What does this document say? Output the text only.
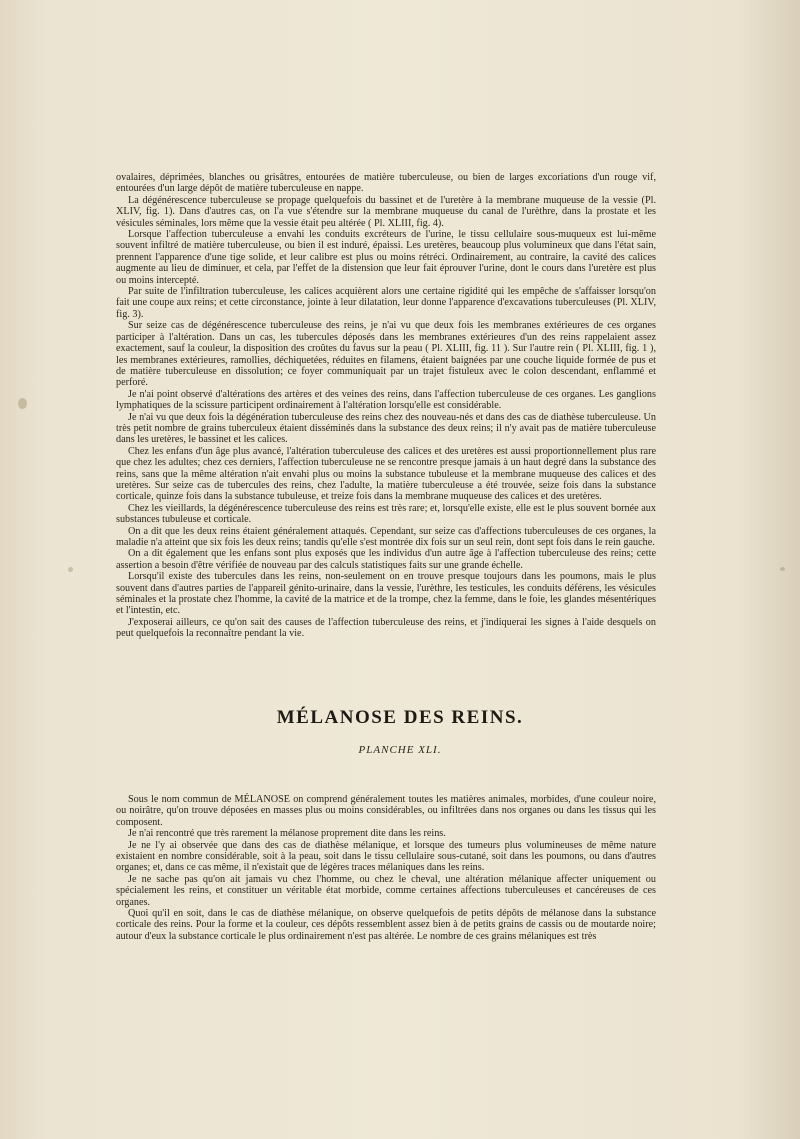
ovalaires, déprimées, blanches ou grisâtres, entourées de matière tuberculeuse, ou bien de larges excoriations d'un rouge vif, entourées d'un large dépôt de matière tuberculeuse en nappe.

La dégénérescence tuberculeuse se propage quelquefois du bassinet et de l'uretère à la membrane muqueuse de la vessie (Pl. XLIV, fig. 1). Dans d'autres cas, on l'a vue s'étendre sur la membrane muqueuse du canal de l'urèthre, dans la prostate et les vésicules séminales, lors même que la vessie était peu altérée ( Pl. XLIII, fig. 4).

Lorsque l'affection tuberculeuse a envahi les conduits excréteurs de l'urine, le tissu cellulaire sous-muqueux est lui-même souvent infiltré de matière tuberculeuse, ou bien il est induré, épaissi. Les uretères, beaucoup plus volumineux que dans l'état sain, prennent l'apparence d'une tige solide, et leur calibre est plus ou moins rétréci. Ordinairement, au contraire, la cavité des calices augmente au lieu de diminuer, et cela, par l'effet de la distension que leur fait éprouver l'urine, dont le cours dans l'uretère est plus ou moins intercepté.

Par suite de l'infiltration tuberculeuse, les calices acquièrent alors une certaine rigidité qui les empêche de s'affaisser lorsqu'on fait une coupe aux reins; et cette circonstance, jointe à leur dilatation, leur donne l'apparence d'excavations tuberculeuses (Pl. XLIV, fig. 3).

Sur seize cas de dégénérescence tuberculeuse des reins, je n'ai vu que deux fois les membranes extérieures de ces organes participer à l'altération. Dans un cas, les tubercules déposés dans les membranes extérieures d'un des reins rappelaient assez exactement, sauf la couleur, la disposition des croûtes du favus sur la peau ( Pl. XLIII, fig. 11 ). Sur l'autre rein ( Pl. XLIII, fig. 1 ), les membranes extérieures, ramollies, déchiquetées, réduites en filamens, étaient baignées par une couche liquide formée de pus et de matière tuberculeuse en dissolution; ce foyer communiquait par un trajet fistuleux avec le colon descendant, enflammé et perforé.

Je n'ai point observé d'altérations des artères et des veines des reins, dans l'affection tuberculeuse de ces organes. Les ganglions lymphatiques de la scissure participent ordinairement à l'altération lorsqu'elle est considérable.

Je n'ai vu que deux fois la dégénération tuberculeuse des reins chez des nouveau-nés et dans des cas de diathèse tuberculeuse. Un très petit nombre de grains tuberculeux étaient disséminés dans la substance des deux reins; il n'y avait pas de matière tuberculeuse dans les uretères, le bassinet et les calices.

Chez les enfans d'un âge plus avancé, l'altération tuberculeuse des calices et des uretères est aussi proportionnellement plus rare que chez les adultes; chez ces derniers, l'affection tuberculeuse ne se rencontre presque jamais à un haut degré dans la substance des reins, sans que la même altération n'ait envahi plus ou moins la substance tubuleuse et la membrane muqueuse des calices et des uretères. Sur seize cas de tubercules des reins, chez l'adulte, la matière tuberculeuse a été trouvée, seize fois dans la substance corticale, quinze fois dans la substance tubuleuse, et treize fois dans la membrane muqueuse des calices et des uretères.

Chez les vieillards, la dégénérescence tuberculeuse des reins est très rare; et, lorsqu'elle existe, elle est le plus souvent bornée aux substances tubuleuse et corticale.

On a dit que les deux reins étaient généralement attaqués. Cependant, sur seize cas d'affections tuberculeuses de ces organes, la maladie n'a atteint que six fois les deux reins; tandis qu'elle s'est montrée dix fois sur un seul rein, dont sept fois dans le rein gauche.

On a dit également que les enfans sont plus exposés que les individus d'un autre âge à l'affection tuberculeuse des reins; cette assertion a besoin d'être vérifiée de nouveau par des calculs statistiques faits sur une grande échelle.

Lorsqu'il existe des tubercules dans les reins, non-seulement on en trouve presque toujours dans les poumons, mais le plus souvent dans d'autres parties de l'appareil génito-urinaire, dans la vessie, l'urèthre, les testicules, les conduits déférens, les vésicules séminales et la prostate chez l'homme, la cavité de la matrice et de la trompe, chez la femme, dans le foie, les glandes mésentériques et l'intestin, etc.

J'exposerai ailleurs, ce qu'on sait des causes de l'affection tuberculeuse des reins, et j'indiquerai les signes à l'aide desquels on peut quelquefois la reconnaître pendant la vie.

MÉLANOSE DES REINS.
PLANCHE XLI.

Sous le nom commun de MÉLANOSE on comprend généralement toutes les matières animales, morbides, d'une couleur noire, ou noirâtre, qu'on trouve déposées en masses plus ou moins considérables, ou infiltrées dans nos organes ou dans les tissus qui les composent.

Je n'ai rencontré que très rarement la mélanose proprement dite dans les reins.

Je ne l'y ai observée que dans des cas de diathèse mélanique, et lorsque des tumeurs plus volumineuses de même nature existaient en nombre considérable, soit à la peau, soit dans le tissu cellulaire sous-cutané, soit dans les poumons, ou dans d'autres organes; et, dans ce cas même, il n'existait que de légères traces mélaniques dans les reins.

Je ne sache pas qu'on ait jamais vu chez l'homme, ou chez le cheval, une altération mélanique affecter uniquement ou spécialement les reins, et constituer un véritable état morbide, comme certaines affections tuberculeuses et cancéreuses de ces organes.

Quoi qu'il en soit, dans le cas de diathèse mélanique, on observe quelquefois de petits dépôts de mélanose dans la substance corticale des reins. Pour la forme et la couleur, ces dépôts ressemblent assez bien à de petits grains de cassis ou de moutarde noire; autour d'eux la substance corticale le plus ordinairement n'est pas altérée. Le nombre de ces grains mélaniques est très
